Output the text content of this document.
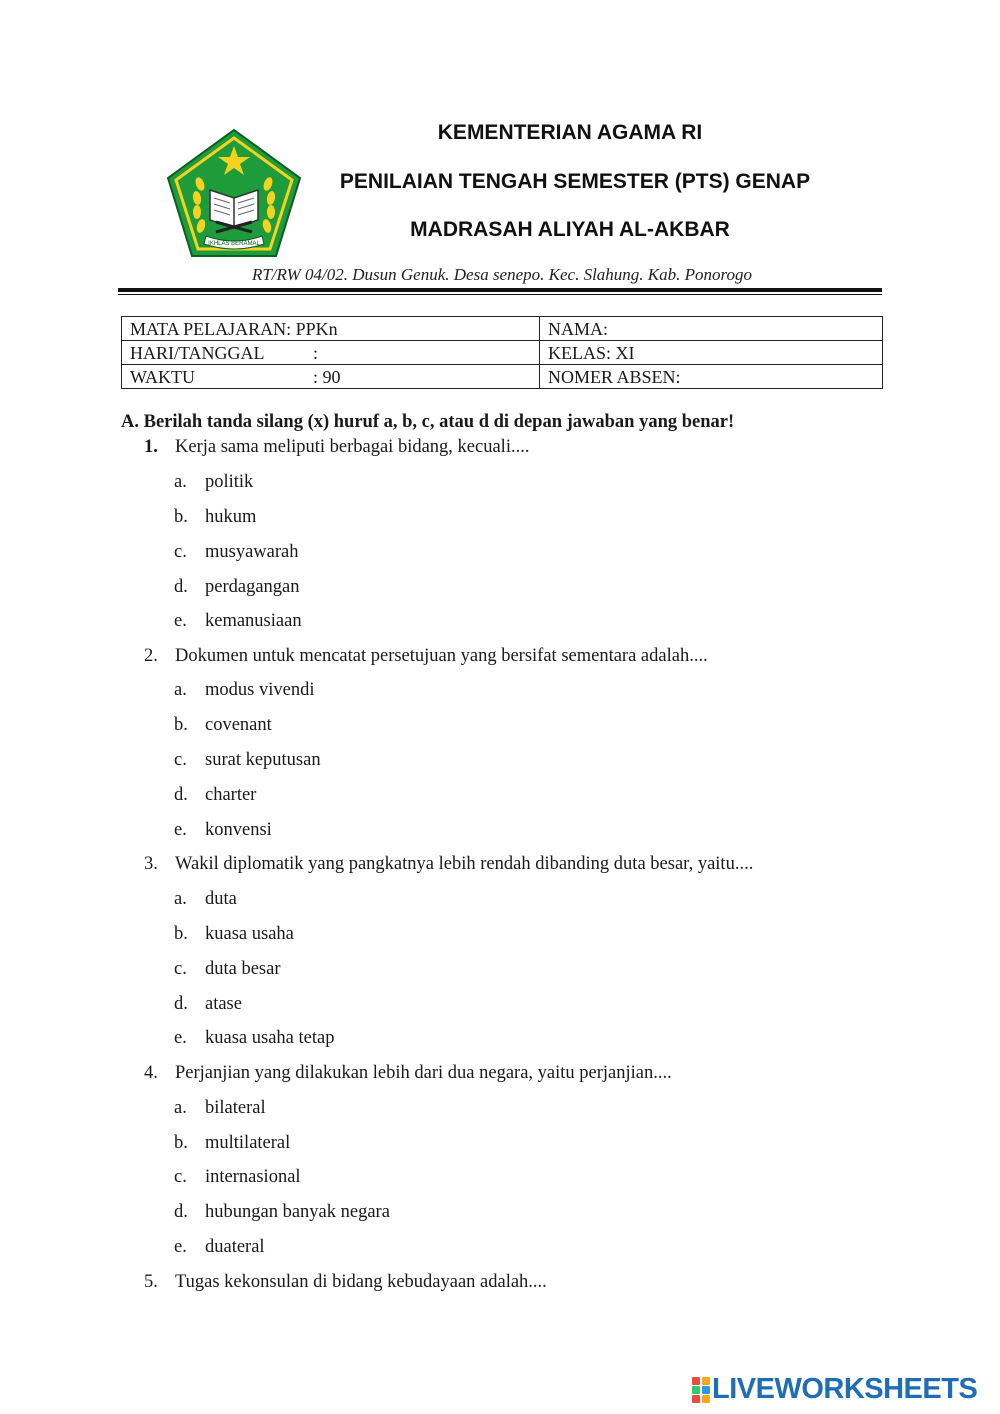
IKHLAS BERAMAL
KEMENTERIAN AGAMA RI
PENILAIAN TENGAH SEMESTER (PTS) GENAP
MADRASAH ALIYAH AL-AKBAR
RT/RW 04/02. Dusun Genuk. Desa senepo. Kec. Slahung. Kab. Ponorogo
MATA PELAJARAN: PPKn	NAMA:
HARI/TANGGAL :	KELAS: XI
WAKTU : 90	NOMER ABSEN:
A. Berilah tanda silang (x) huruf a, b, c, atau d di depan jawaban yang benar!
1. Kerja sama meliputi berbagai bidang, kecuali....
a. politik
b. hukum
c. musyawarah
d. perdagangan
e. kemanusiaan
2. Dokumen untuk mencatat persetujuan yang bersifat sementara adalah....
a. modus vivendi
b. covenant
c. surat keputusan
d. charter
e. konvensi
3. Wakil diplomatik yang pangkatnya lebih rendah dibanding duta besar, yaitu....
a. duta
b. kuasa usaha
c. duta besar
d. atase
e. kuasa usaha tetap
4. Perjanjian yang dilakukan lebih dari dua negara, yaitu perjanjian....
a. bilateral
b. multilateral
c. internasional
d. hubungan banyak negara
e. duateral
5. Tugas kekonsulan di bidang kebudayaan adalah....
LIVEWORKSHEETS
